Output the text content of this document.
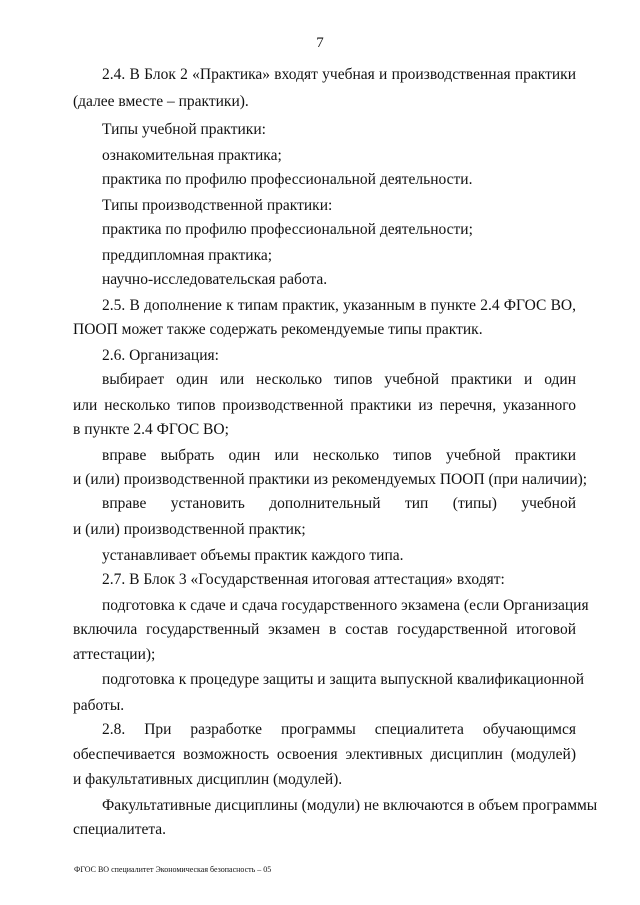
7
2.4. В Блок 2 «Практика» входят учебная и производственная практики
(далее вместе – практики).
Типы учебной практики:
ознакомительная практика;
практика по профилю профессиональной деятельности.
Типы производственной практики:
практика по профилю профессиональной деятельности;
преддипломная практика;
научно-исследовательская работа.
2.5. В дополнение к типам практик, указанным в пункте 2.4 ФГОС ВО,
ПООП может также содержать рекомендуемые типы практик.
2.6. Организация:
выбирает один или несколько типов учебной практики и один
или несколько типов производственной практики из перечня, указанного
в пункте 2.4 ФГОС ВО;
вправе выбрать один или несколько типов учебной практики
и (или) производственной практики из рекомендуемых ПООП (при наличии);
вправе установить дополнительный тип (типы) учебной
и (или) производственной практик;
устанавливает объемы практик каждого типа.
2.7. В Блок 3 «Государственная итоговая аттестация» входят:
подготовка к сдаче и сдача государственного экзамена (если Организация
включила государственный экзамен в состав государственной итоговой
аттестации);
подготовка к процедуре защиты и защита выпускной квалификационной
работы.
2.8. При разработке программы специалитета обучающимся
обеспечивается возможность освоения элективных дисциплин (модулей)
и факультативных дисциплин (модулей).
Факультативные дисциплины (модули) не включаются в объем программы
специалитета.
ФГОС ВО специалитет Экономическая безопасность – 05
